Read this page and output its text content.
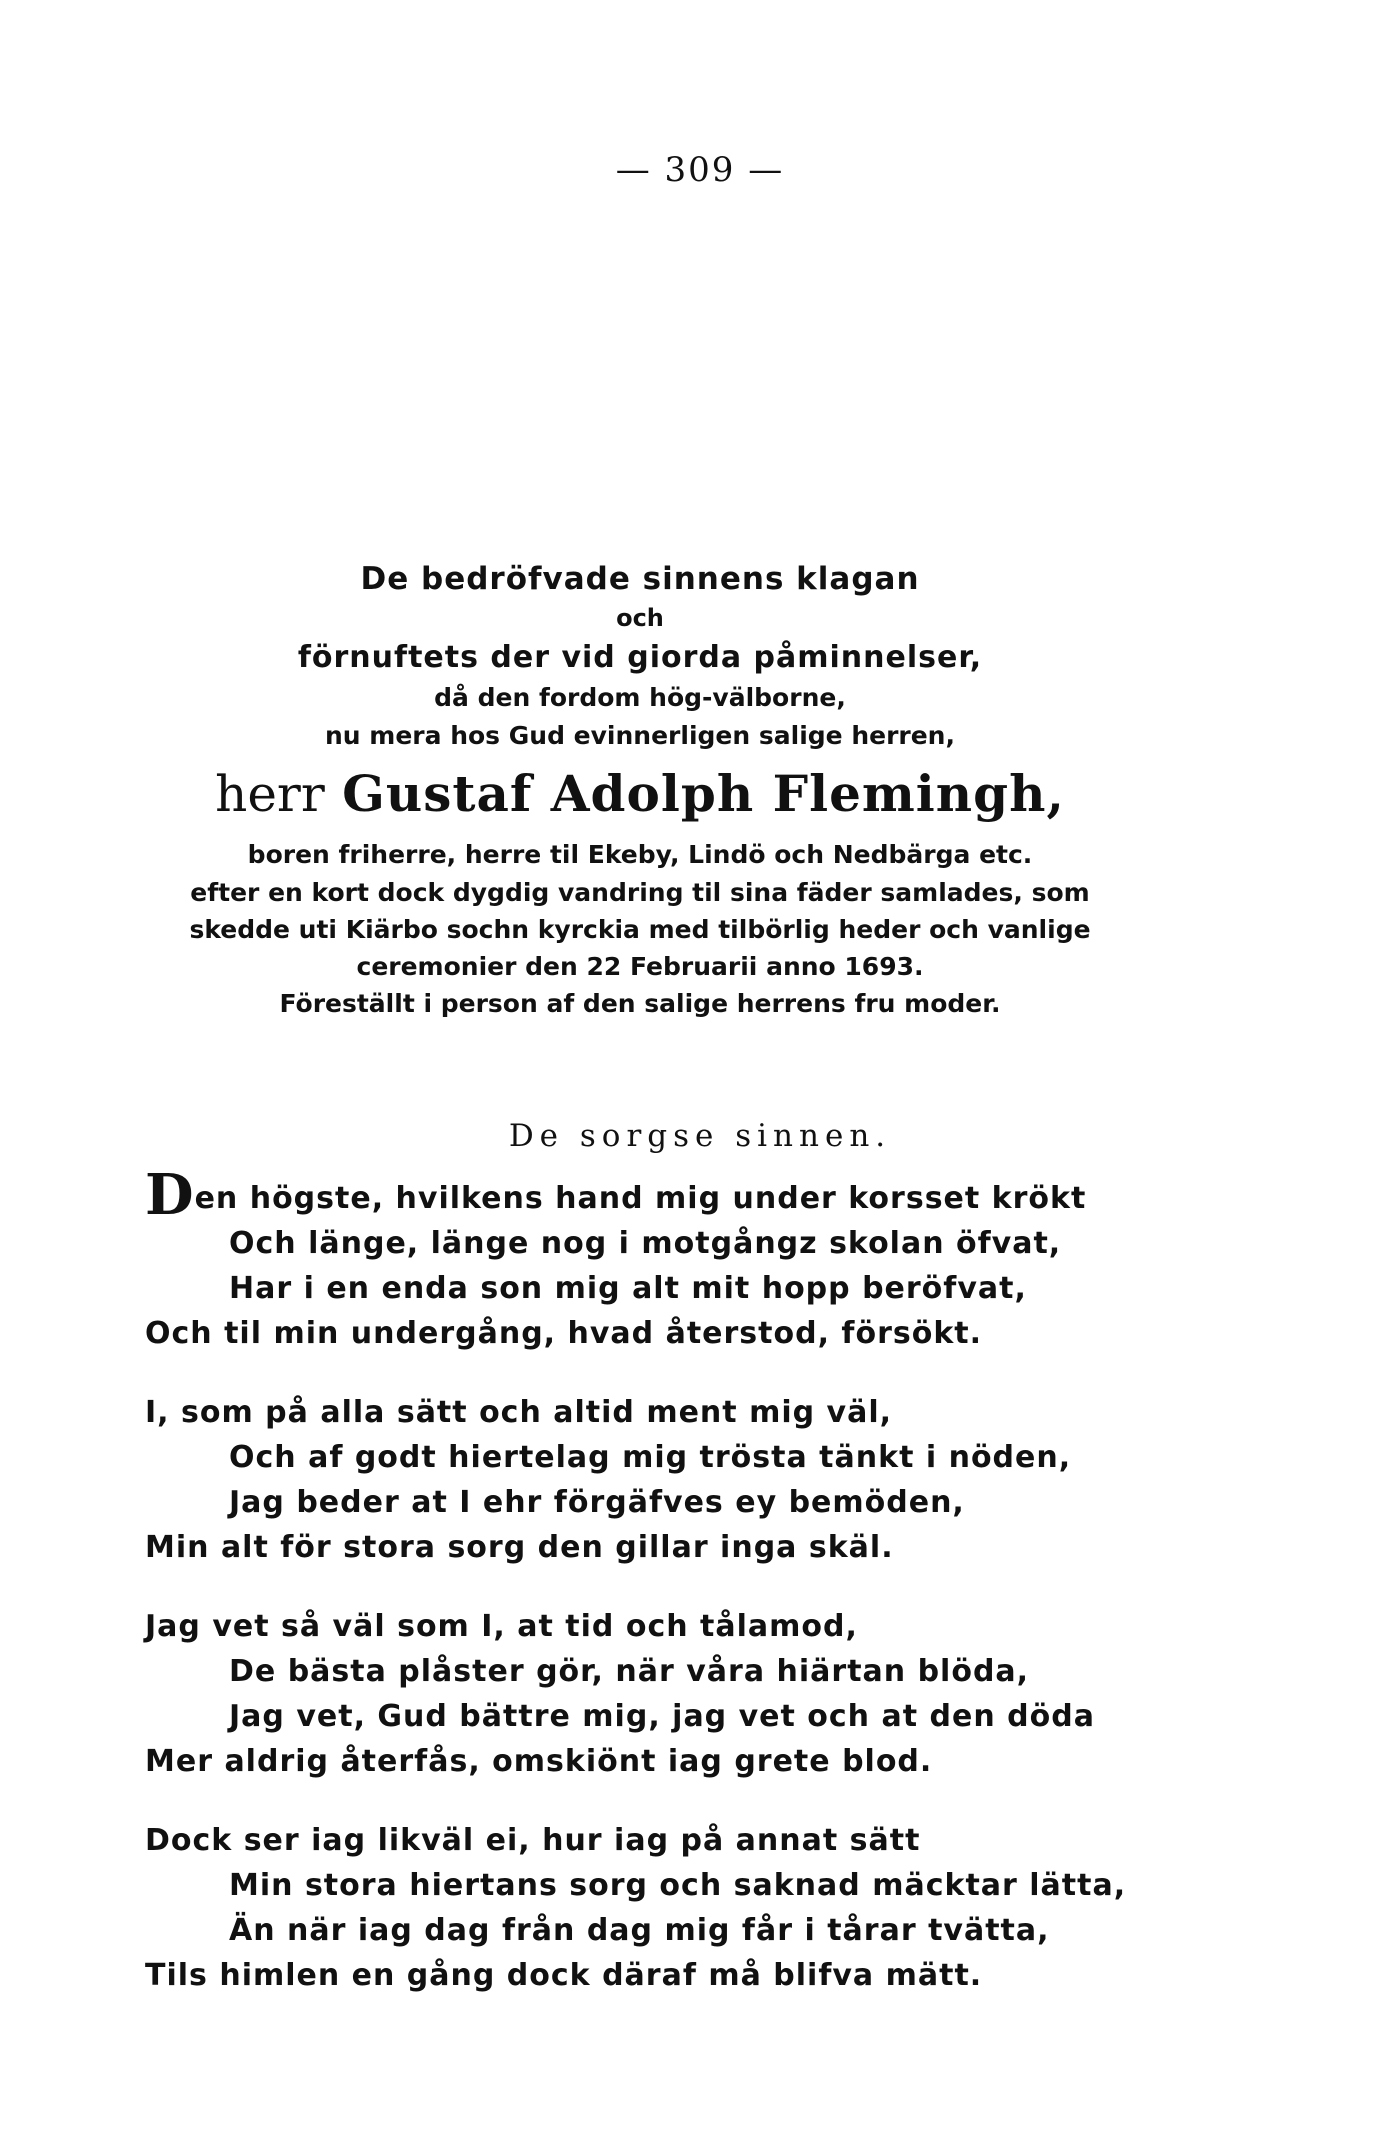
— 309 —
De bedröfvade sinnens klagan
och
förnuftets der vid giorda påminnelser,
då den fordom hög-välborne,
nu mera hos Gud evinnerligen salige herren,
herr Gustaf Adolph Flemingh,
boren friherre, herre til Ekeby, Lindö och Nedbärga etc.
efter en kort dock dygdig vandring til sina fäder samlades, som
skedde uti Kiärbo sochn kyrckia med tilbörlig heder och vanlige
ceremonier den 22 Februarii anno 1693.
Föreställt i person af den salige herrens fru moder.
De sorgse sinnen.
Den högste, hvilkens hand mig under korsset krökt
Och länge, länge nog i motgångz skolan öfvat,
Har i en enda son mig alt mit hopp beröfvat,
Och til min undergång, hvad återstod, försökt.
I, som på alla sätt och altid ment mig väl,
Och af godt hiertelag mig trösta tänkt i nöden,
Jag beder at I ehr förgäfves ey bemöden,
Min alt för stora sorg den gillar inga skäl.
Jag vet så väl som I, at tid och tålamod,
De bästa plåster gör, när våra hiärtan blöda,
Jag vet, Gud bättre mig, jag vet och at den döda
Mer aldrig återfås, omskiönt iag grete blod.
Dock ser iag likväl ei, hur iag på annat sätt
Min stora hiertans sorg och saknad mäcktar lätta,
Än när iag dag från dag mig får i tårar tvätta,
Tils himlen en gång dock däraf må blifva mätt.
